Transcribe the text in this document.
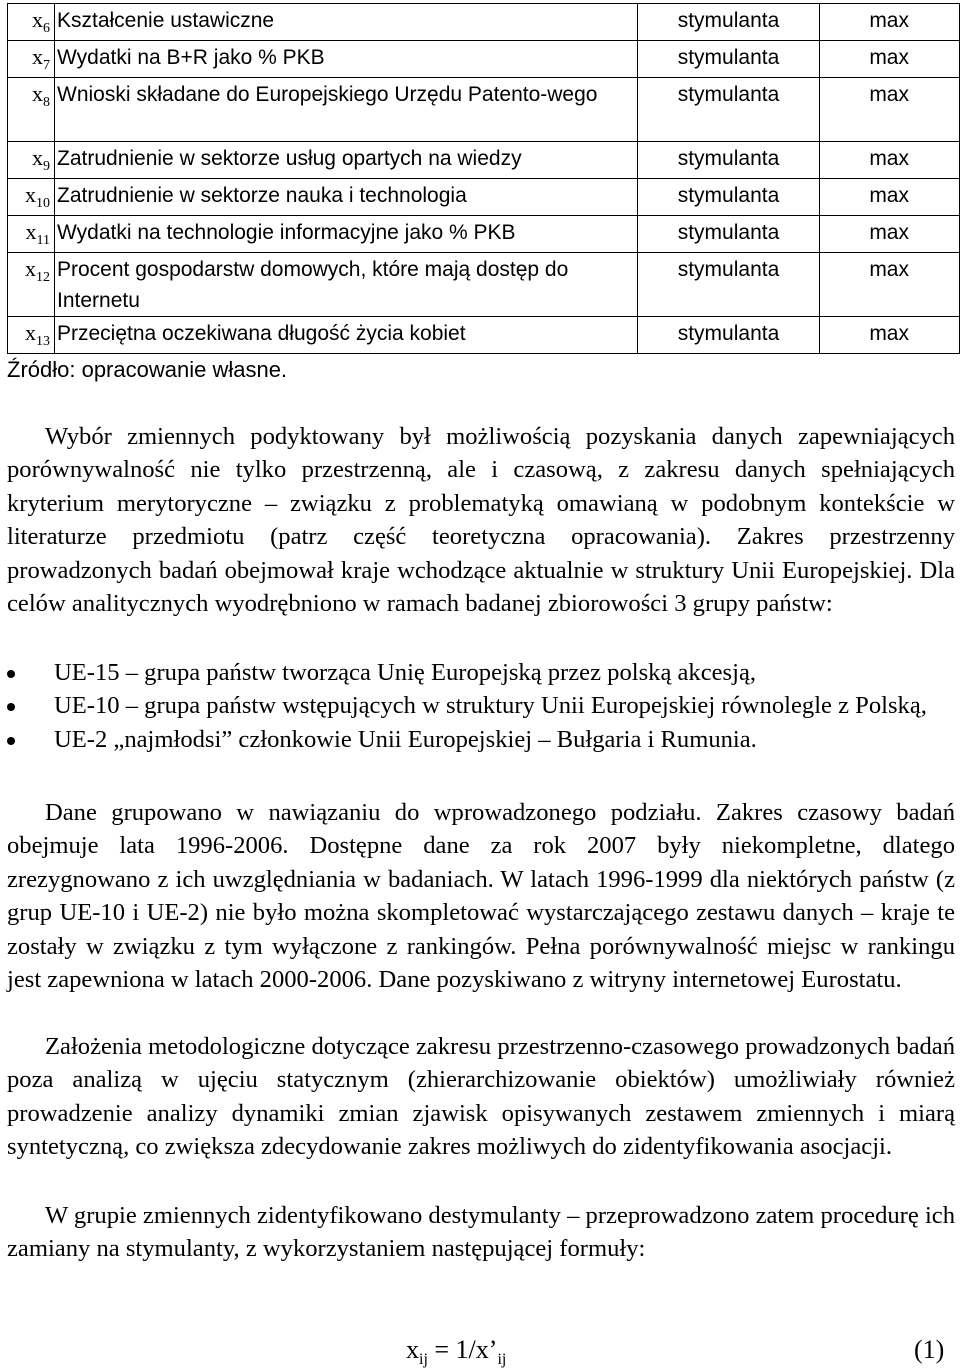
$x_6$	Kształcenie ustawiczne	stymulanta	max

$x_7$	Wydatki na B+R jako % PKB	stymulanta	max

$x_8$	Wnioski składane do Europejskiego Urzędu Patento-wego	stymulanta	max

$x_9$	Zatrudnienie w sektorze usług opartych na wiedzy	stymulanta	max

$x_{10}$	Zatrudnienie w sektorze nauka i technologia	stymulanta	max

$x_{11}$	Wydatki na technologie informacyjne jako % PKB	stymulanta	max

$x_{12}$	Procent gospodarstw domowych, które mają dostęp do Internetu	stymulanta	max

$x_{13}$	Przeciętna oczekiwana długość życia kobiet	stymulanta	max
Źródło: opracowanie własne.

Wybór zmiennych podyktowany był możliwością pozyskania danych zapewniających porównywalność nie tylko przestrzenną, ale i czasową, z zakresu danych spełniających kryterium merytoryczne – związku z problematyką omawianą w podobnym kontekście w literaturze przedmiotu (patrz część teoretyczna opracowania). Zakres przestrzenny prowadzonych badań obejmował kraje wchodzące aktualnie w struktury Unii Europejskiej. Dla celów analitycznych wyodrębniono w ramach badanej zbiorowości 3 grupy państw:

UE-15 – grupa państw tworząca Unię Europejską przez polską akcesją,
UE-10 – grupa państw wstępujących w struktury Unii Europejskiej równolegle z Polską,
UE-2 „najmłodsi” członkowie Unii Europejskiej – Bułgaria i Rumunia.

Dane grupowano w nawiązaniu do wprowadzonego podziału. Zakres czasowy badań obejmuje lata 1996-2006. Dostępne dane za rok 2007 były niekompletne, dlatego zrezygnowano z ich uwzględniania w badaniach. W latach 1996-1999 dla niektórych państw (z grup UE-10 i UE-2) nie było można skompletować wystarczającego zestawu danych – kraje te zostały w związku z tym wyłączone z rankingów. Pełna porównywalność miejsc w rankingu jest zapewniona w latach 2000-2006. Dane pozyskiwano z witryny internetowej Eurostatu.

Założenia metodologiczne dotyczące zakresu przestrzenno-czasowego prowadzonych badań poza analizą w ujęciu statycznym (zhierarchizowanie obiektów) umożliwiały również prowadzenie analizy dynamiki zmian zjawisk opisywanych zestawem zmiennych i miarą syntetyczną, co zwiększa zdecydowanie zakres możliwych do zidentyfikowania asocjacji.

W grupie zmiennych zidentyfikowano destymulanty – przeprowadzono zatem procedurę ich zamiany na stymulanty, z wykorzystaniem następującej formuły:

$x_{ij}$ = $1/x’_{ij}$	(1)
